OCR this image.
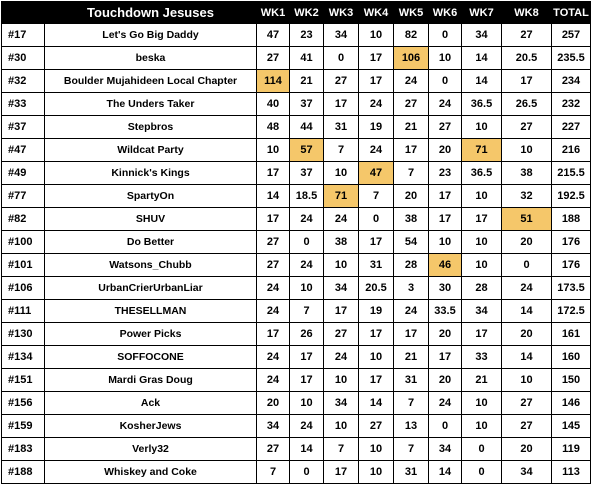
	Touchdown Jesuses	WK1	WK2	WK3	WK4	WK5	WK6	WK7	WK8	TOTAL
#17	Let's Go Big Daddy	47	23	34	10	82	0	34	27	257
#30	beska	27	41	0	17	106	10	14	20.5	235.5
#32	Boulder Mujahideen Local Chapter	114	21	27	17	24	0	14	17	234
#33	The Unders Taker	40	37	17	24	27	24	36.5	26.5	232
#37	Stepbros	48	44	31	19	21	27	10	27	227
#47	Wildcat Party	10	57	7	24	17	20	71	10	216
#49	Kinnick's Kings	17	37	10	47	7	23	36.5	38	215.5
#77	SpartyOn	14	18.5	71	7	20	17	10	32	192.5
#82	SHUV	17	24	24	0	38	17	17	51	188
#100	Do Better	27	0	38	17	54	10	10	20	176
#101	Watsons_Chubb	27	24	10	31	28	46	10	0	176
#106	UrbanCrierUrbanLiar	24	10	34	20.5	3	30	28	24	173.5
#111	THESELLMAN	24	7	17	19	24	33.5	34	14	172.5
#130	Power Picks	17	26	27	17	17	20	17	20	161
#134	SOFFOCONE	24	17	24	10	21	17	33	14	160
#151	Mardi Gras Doug	24	17	10	17	31	20	21	10	150
#156	Ack	20	10	34	14	7	24	10	27	146
#159	KosherJews	34	24	10	27	13	0	10	27	145
#183	Verly32	27	14	7	10	7	34	0	20	119
#188	Whiskey and Coke	7	0	17	10	31	14	0	34	113
